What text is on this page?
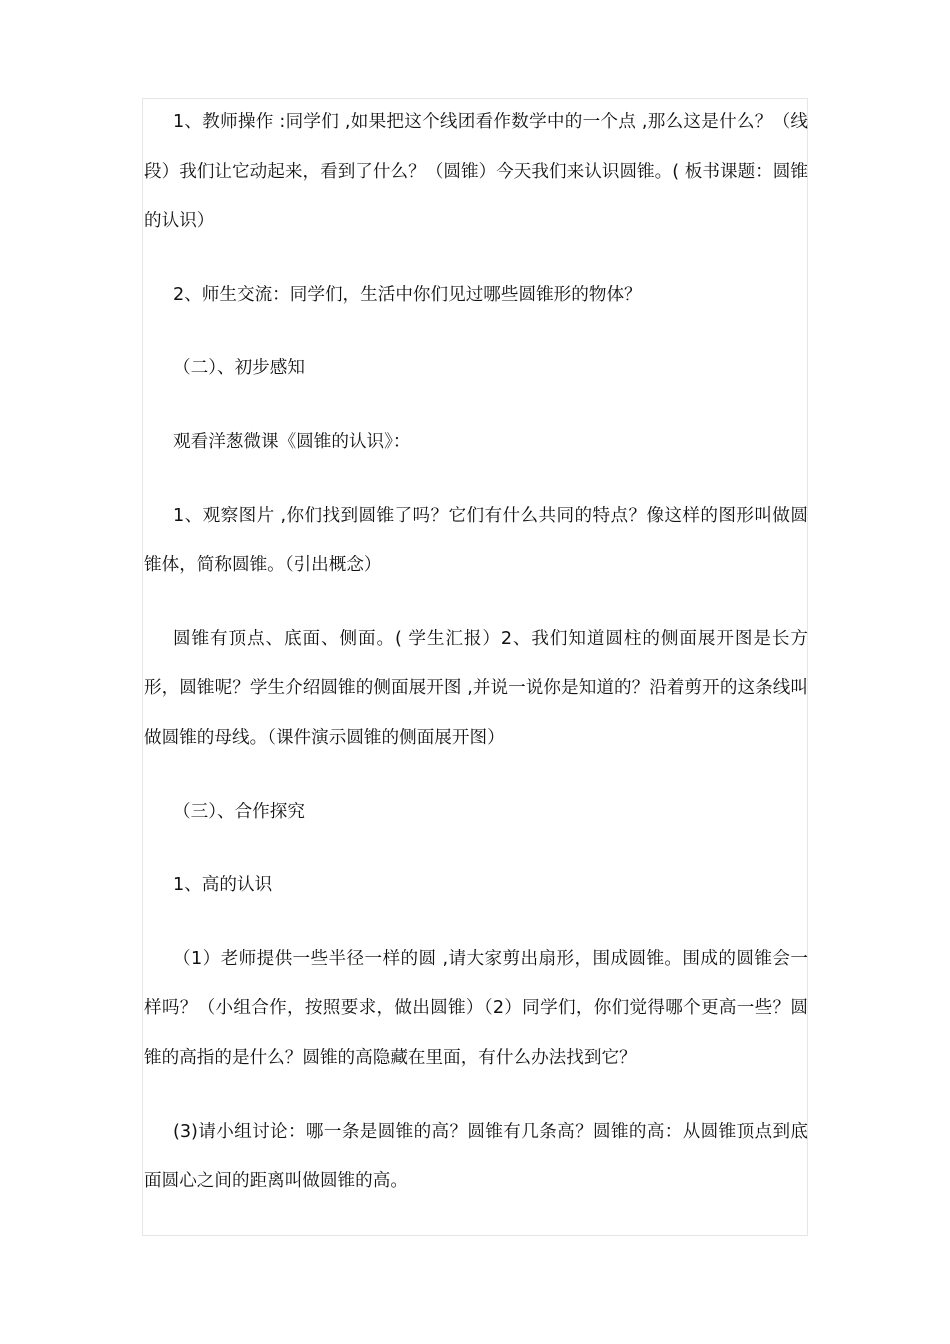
1、教师操作 :同学们 ,如果把这个线团看作数学中的一个点 ,那么这是什么？（线段）我们让它动起来，看到了什么？（圆锥）今天我们来认识圆锥。( 板书课题：圆锥的认识）

2、师生交流：同学们，生活中你们见过哪些圆锥形的物体？

（二）、初步感知

观看洋葱微课《圆锥的认识》：

1、观察图片 ,你们找到圆锥了吗？它们有什么共同的特点？像这样的图形叫做圆锥体，简称圆锥。（引出概念）

圆锥有顶点、底面、侧面。( 学生汇报）2、我们知道圆柱的侧面展开图是长方形，圆锥呢？学生介绍圆锥的侧面展开图 ,并说一说你是知道的？沿着剪开的这条线叫做圆锥的母线。（课件演示圆锥的侧面展开图）

（三）、合作探究

1、高的认识

（1）老师提供一些半径一样的圆 ,请大家剪出扇形，围成圆锥。围成的圆锥会一样吗？（小组合作，按照要求，做出圆锥）（2）同学们，你们觉得哪个更高一些？圆锥的高指的是什么？圆锥的高隐藏在里面，有什么办法找到它？

(3)请小组讨论：哪一条是圆锥的高？圆锥有几条高？圆锥的高：从圆锥顶点到底面圆心之间的距离叫做圆锥的高。
